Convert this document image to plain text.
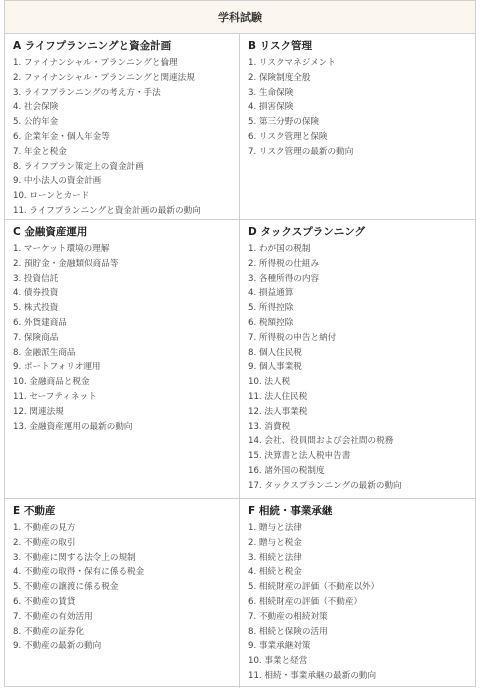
学科試験
A ライフプランニングと資金計画
1. ファイナンシャル・プランニングと倫理
2. ファイナンシャル・プランニングと関連法規
3. ライフプランニングの考え方・手法
4. 社会保険
5. 公的年金
6. 企業年金・個人年金等
7. 年金と税金
8. ライフプラン策定上の資金計画
9. 中小法人の資金計画
10. ローンとカード
11. ライフプランニングと資金計画の最新の動向
B リスク管理
1. リスクマネジメント
2. 保険制度全般
3. 生命保険
4. 損害保険
5. 第三分野の保険
6. リスク管理と保険
7. リスク管理の最新の動向
C 金融資産運用
1. マーケット環境の理解
2. 預貯金・金融類似商品等
3. 投資信託
4. 債券投資
5. 株式投資
6. 外貨建商品
7. 保険商品
8. 金融派生商品
9. ポートフォリオ運用
10. 金融商品と税金
11. セーフティネット
12. 関連法規
13. 金融資産運用の最新の動向
D タックスプランニング
1. わが国の税制
2. 所得税の仕組み
3. 各種所得の内容
4. 損益通算
5. 所得控除
6. 税額控除
7. 所得税の申告と納付
8. 個人住民税
9. 個人事業税
10. 法人税
11. 法人住民税
12. 法人事業税
13. 消費税
14. 会社、役員間および会社間の税務
15. 決算書と法人税申告書
16. 諸外国の税制度
17. タックスプランニングの最新の動向
E 不動産
1. 不動産の見方
2. 不動産の取引
3. 不動産に関する法令上の規制
4. 不動産の取得・保有に係る税金
5. 不動産の譲渡に係る税金
6. 不動産の賃貸
7. 不動産の有効活用
8. 不動産の証券化
9. 不動産の最新の動向
F 相続・事業承継
1. 贈与と法律
2. 贈与と税金
3. 相続と法律
4. 相続と税金
5. 相続財産の評価（不動産以外）
6. 相続財産の評価（不動産）
7. 不動産の相続対策
8. 相続と保険の活用
9. 事業承継対策
10. 事業と経営
11. 相続・事業承継の最新の動向
